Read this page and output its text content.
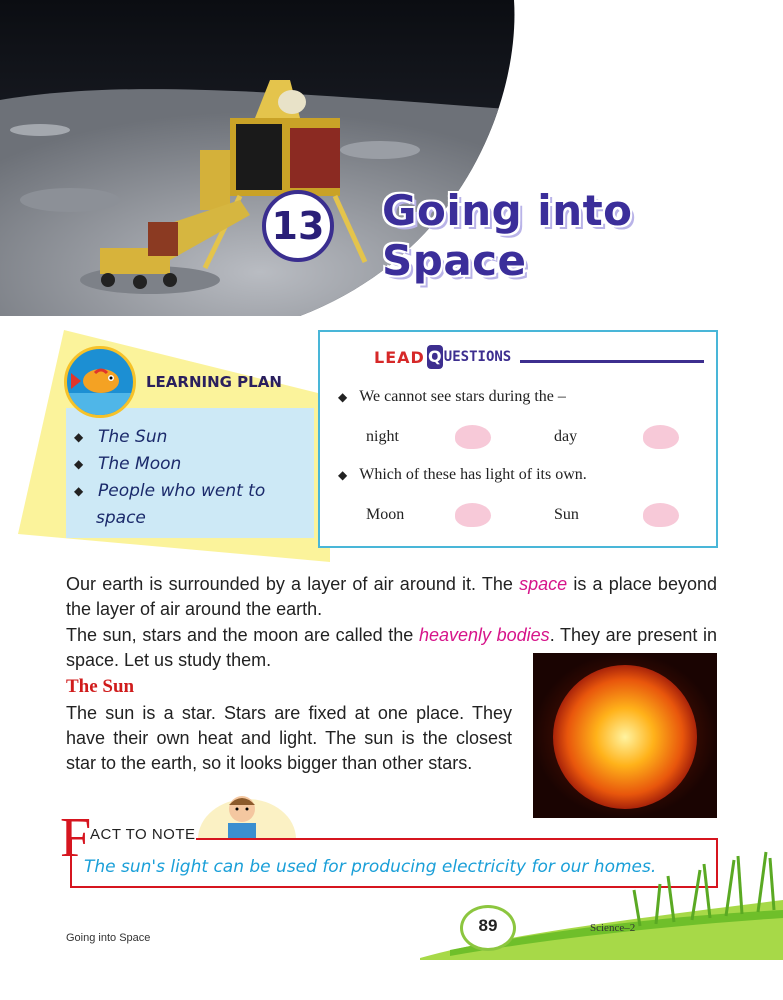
13 Going into
Space
LEARNING PLAN
◆ The Sun
◆ The Moon
◆ People who went to
space
LEAD Q UESTIONS
◆ We cannot see stars during the –
night	day
◆ Which of these has light of its own.
Moon	Sun

Our earth is surrounded by a layer of air around it. The space is a place beyond the layer of air around the earth.

The sun, stars and the moon are called the heavenly bodies. They are present in space. Let us study them.

The Sun

The sun is a star. Stars are fixed at one place. They have their own heat and light. The sun is the closest star to the earth, so it looks bigger than other stars.

F
ACT TO NOTE
The sun's light can be used for producing electricity for our homes.
89	Science–2
Going into Space
